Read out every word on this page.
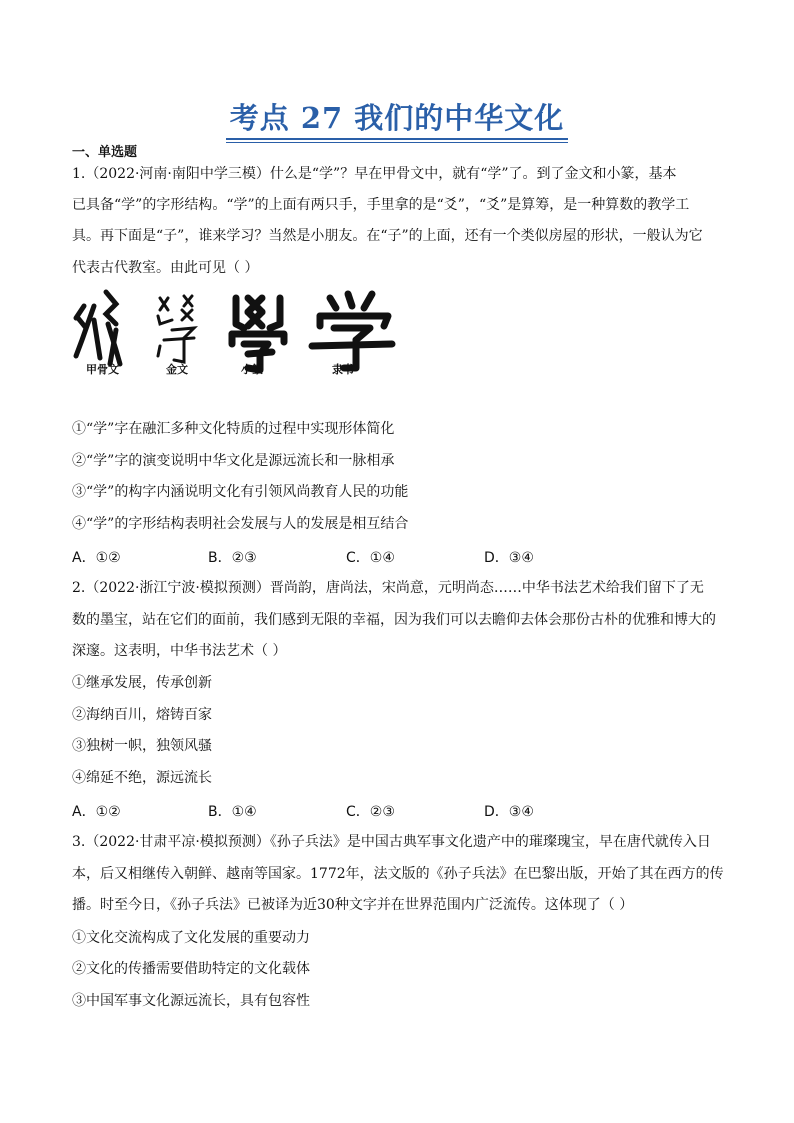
考点 27 我们的中华文化
一、单选题
1.（2022·河南·南阳中学三模）什么是“学”？早在甲骨文中，就有“学”了。到了金文和小篆，基本
已具备“学”的字形结构。“学”的上面有两只手，手里拿的是“爻”，“爻”是算筹，是一种算数的教学工
具。再下面是“子”，谁来学习？当然是小朋友。在“子”的上面，还有一个类似房屋的形状，一般认为它
代表古代教室。由此可见（ ）
甲骨文	金文	小篆	隶书
①“学”字在融汇多种文化特质的过程中实现形体简化
②“学”字的演变说明中华文化是源远流长和一脉相承
③“学”的构字内涵说明文化有引领风尚教育人民的功能
④“学”的字形结构表明社会发展与人的发展是相互结合
A．①②	B．②③	C．①④	D．③④
2.（2022·浙江宁波·模拟预测）晋尚韵，唐尚法，宋尚意，元明尚态……中华书法艺术给我们留下了无
数的墨宝，站在它们的面前，我们感到无限的幸福，因为我们可以去瞻仰去体会那份古朴的优雅和博大的
深邃。这表明，中华书法艺术（ ）
①继承发展，传承创新
②海纳百川，熔铸百家
③独树一帜，独领风骚
④绵延不绝，源远流长
A．①②	B．①④	C．②③	D．③④
3.（2022·甘肃平凉·模拟预测）《孙子兵法》是中国古典军事文化遗产中的璀璨瑰宝，早在唐代就传入日
本，后又相继传入朝鲜、越南等国家。1772年，法文版的《孙子兵法》在巴黎出版，开始了其在西方的传
播。时至今日，《孙子兵法》已被译为近30种文字并在世界范围内广泛流传。这体现了（ ）
①文化交流构成了文化发展的重要动力
②文化的传播需要借助特定的文化载体
③中国军事文化源远流长，具有包容性
